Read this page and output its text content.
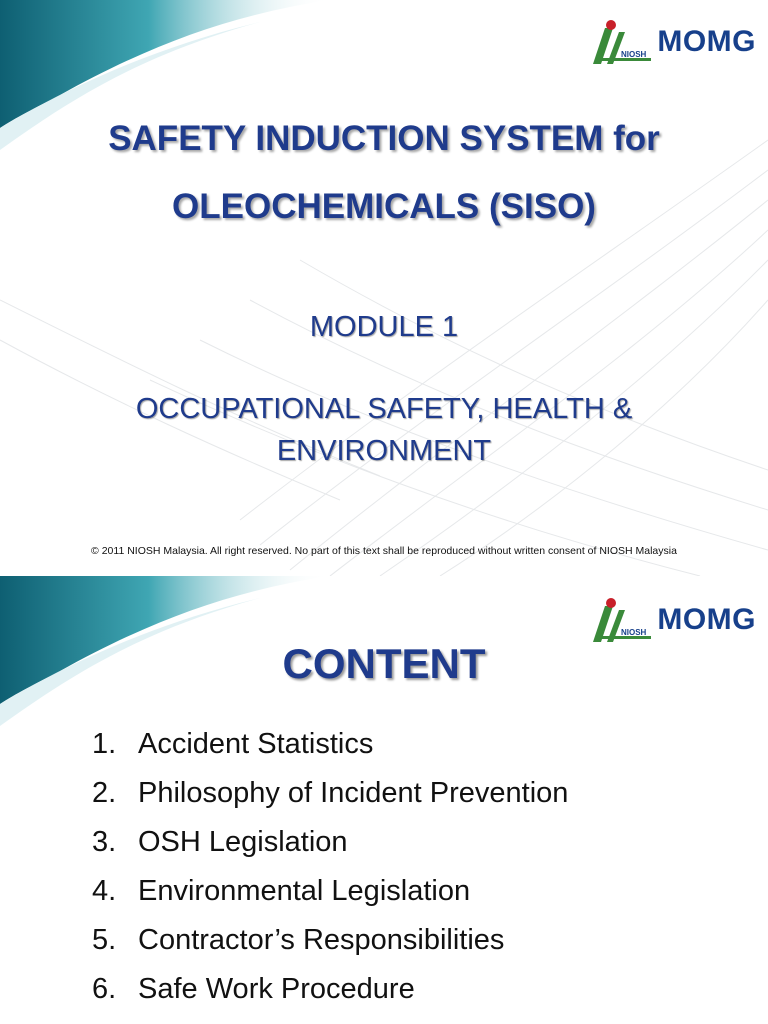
NIOSH MOMG
SAFETY INDUCTION SYSTEM for
OLEOCHEMICALS (SISO)
MODULE 1
OCCUPATIONAL SAFETY, HEALTH &
ENVIRONMENT
© 2011 NIOSH Malaysia. All right reserved. No part of this text shall be reproduced without written consent of NIOSH Malaysia
NIOSH MOMG
CONTENT
1. Accident Statistics
2. Philosophy of Incident Prevention
3. OSH Legislation
4. Environmental Legislation
5. Contractor’s Responsibilities
6. Safe Work Procedure
